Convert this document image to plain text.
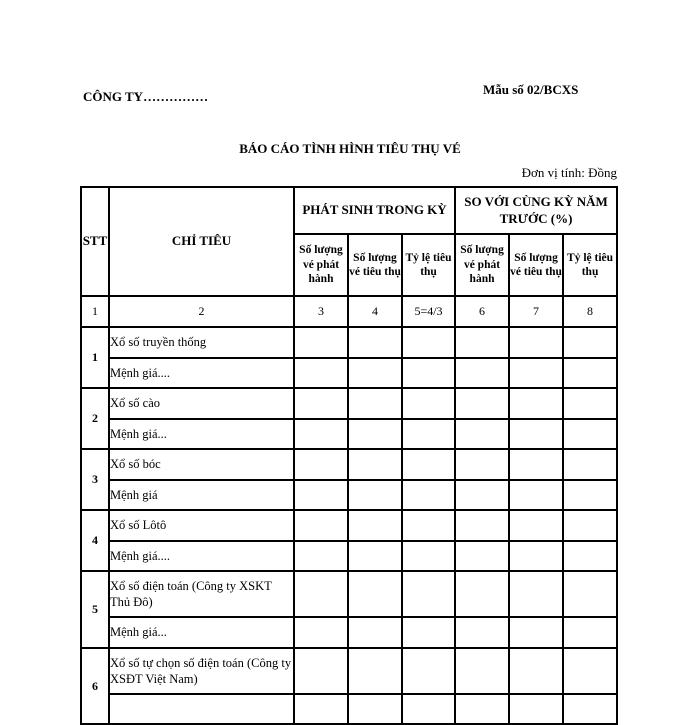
CÔNG TY……………	Mẫu số 02/BCXS
BÁO CÁO TÌNH HÌNH TIÊU THỤ VÉ
Đơn vị tính: Đồng
STT	CHỈ TIÊU	PHÁT SINH TRONG KỲ			SO VỚI CÙNG KỲ NĂM TRƯỚC (%)		
		Số lượng vé phát hành	Số lượng vé tiêu thụ	Tỷ lệ tiêu thụ	Số lượng vé phát hành	Số lượng vé tiêu thụ	Tỷ lệ tiêu thụ
1	2	3	4	5=4/3	6	7	8
1	Xổ số truyền thống						
	Mệnh giá....						
2	Xổ số cào						
	Mệnh giá...						
3	Xổ số bóc						
	Mệnh giá						
4	Xổ số Lôtô						
	Mệnh giá....						
5	Xổ số điện toán (Công ty XSKT Thủ Đô)						
	Mệnh giá...						
6	Xổ số tự chọn số điện toán (Công ty XSĐT Việt Nam)						
